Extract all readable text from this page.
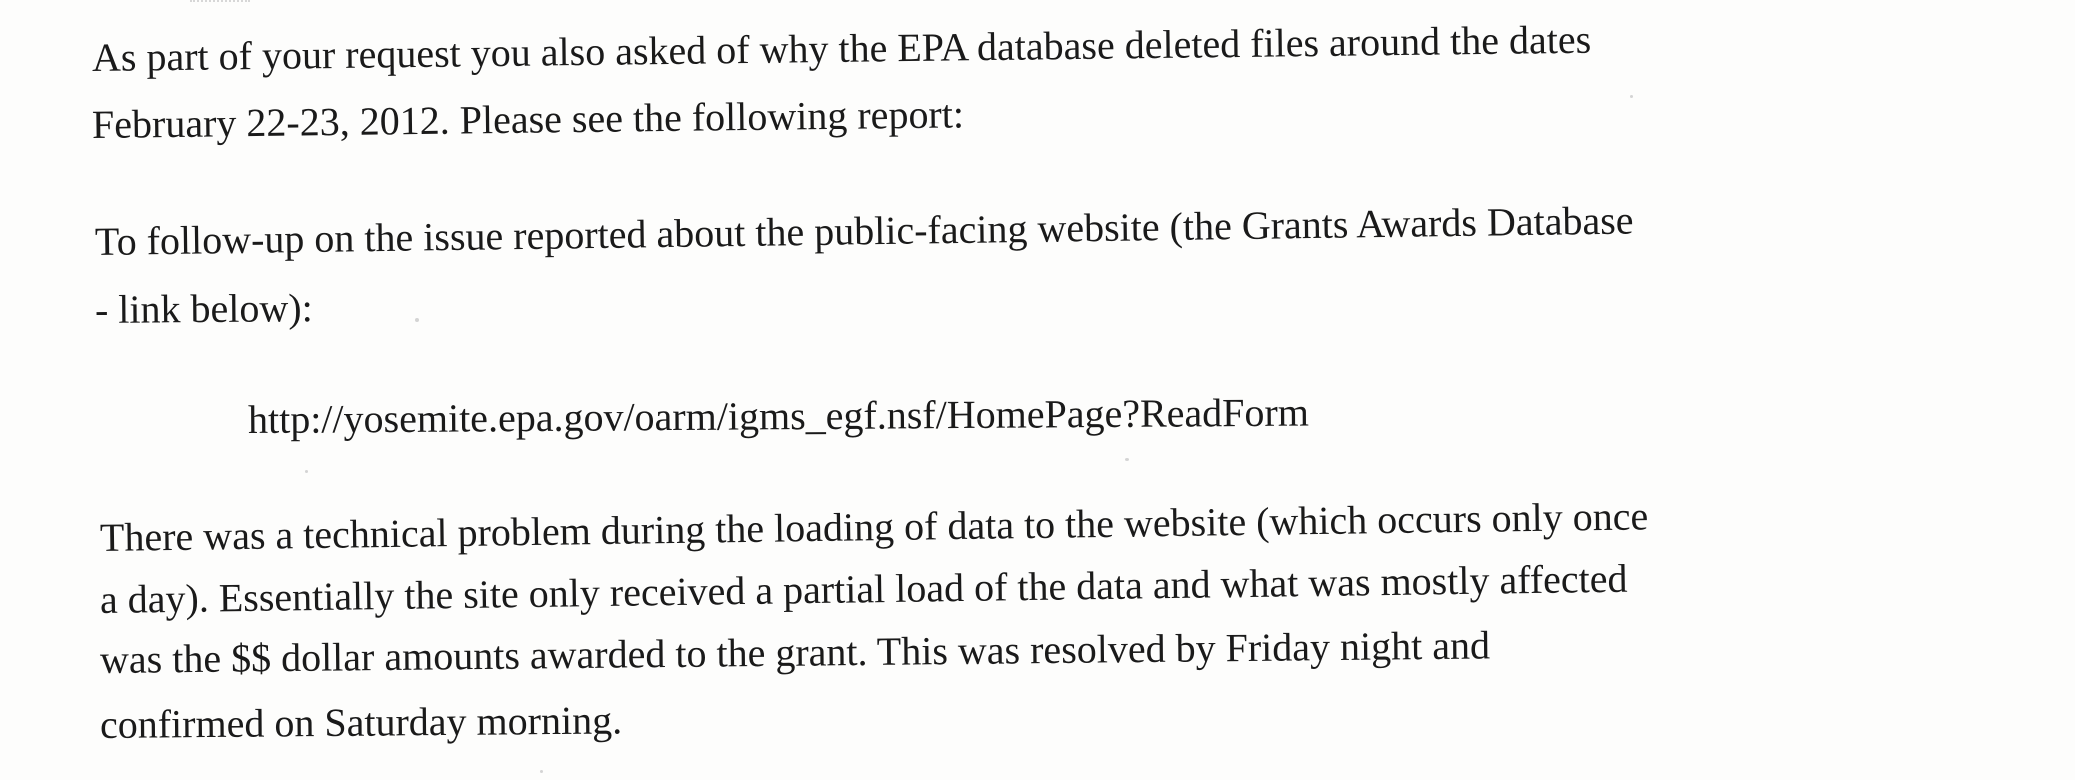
As part of your request you also asked of why the EPA database deleted files around the dates
February 22-23, 2012. Please see the following report:
To follow-up on the issue reported about the public-facing website (the Grants Awards Database
- link below):
http://yosemite.epa.gov/oarm/igms_egf.nsf/HomePage?ReadForm
There was a technical problem during the loading of data to the website (which occurs only once
a day). Essentially the site only received a partial load of the data and what was mostly affected
was the $$ dollar amounts awarded to the grant. This was resolved by Friday night and
confirmed on Saturday morning.
